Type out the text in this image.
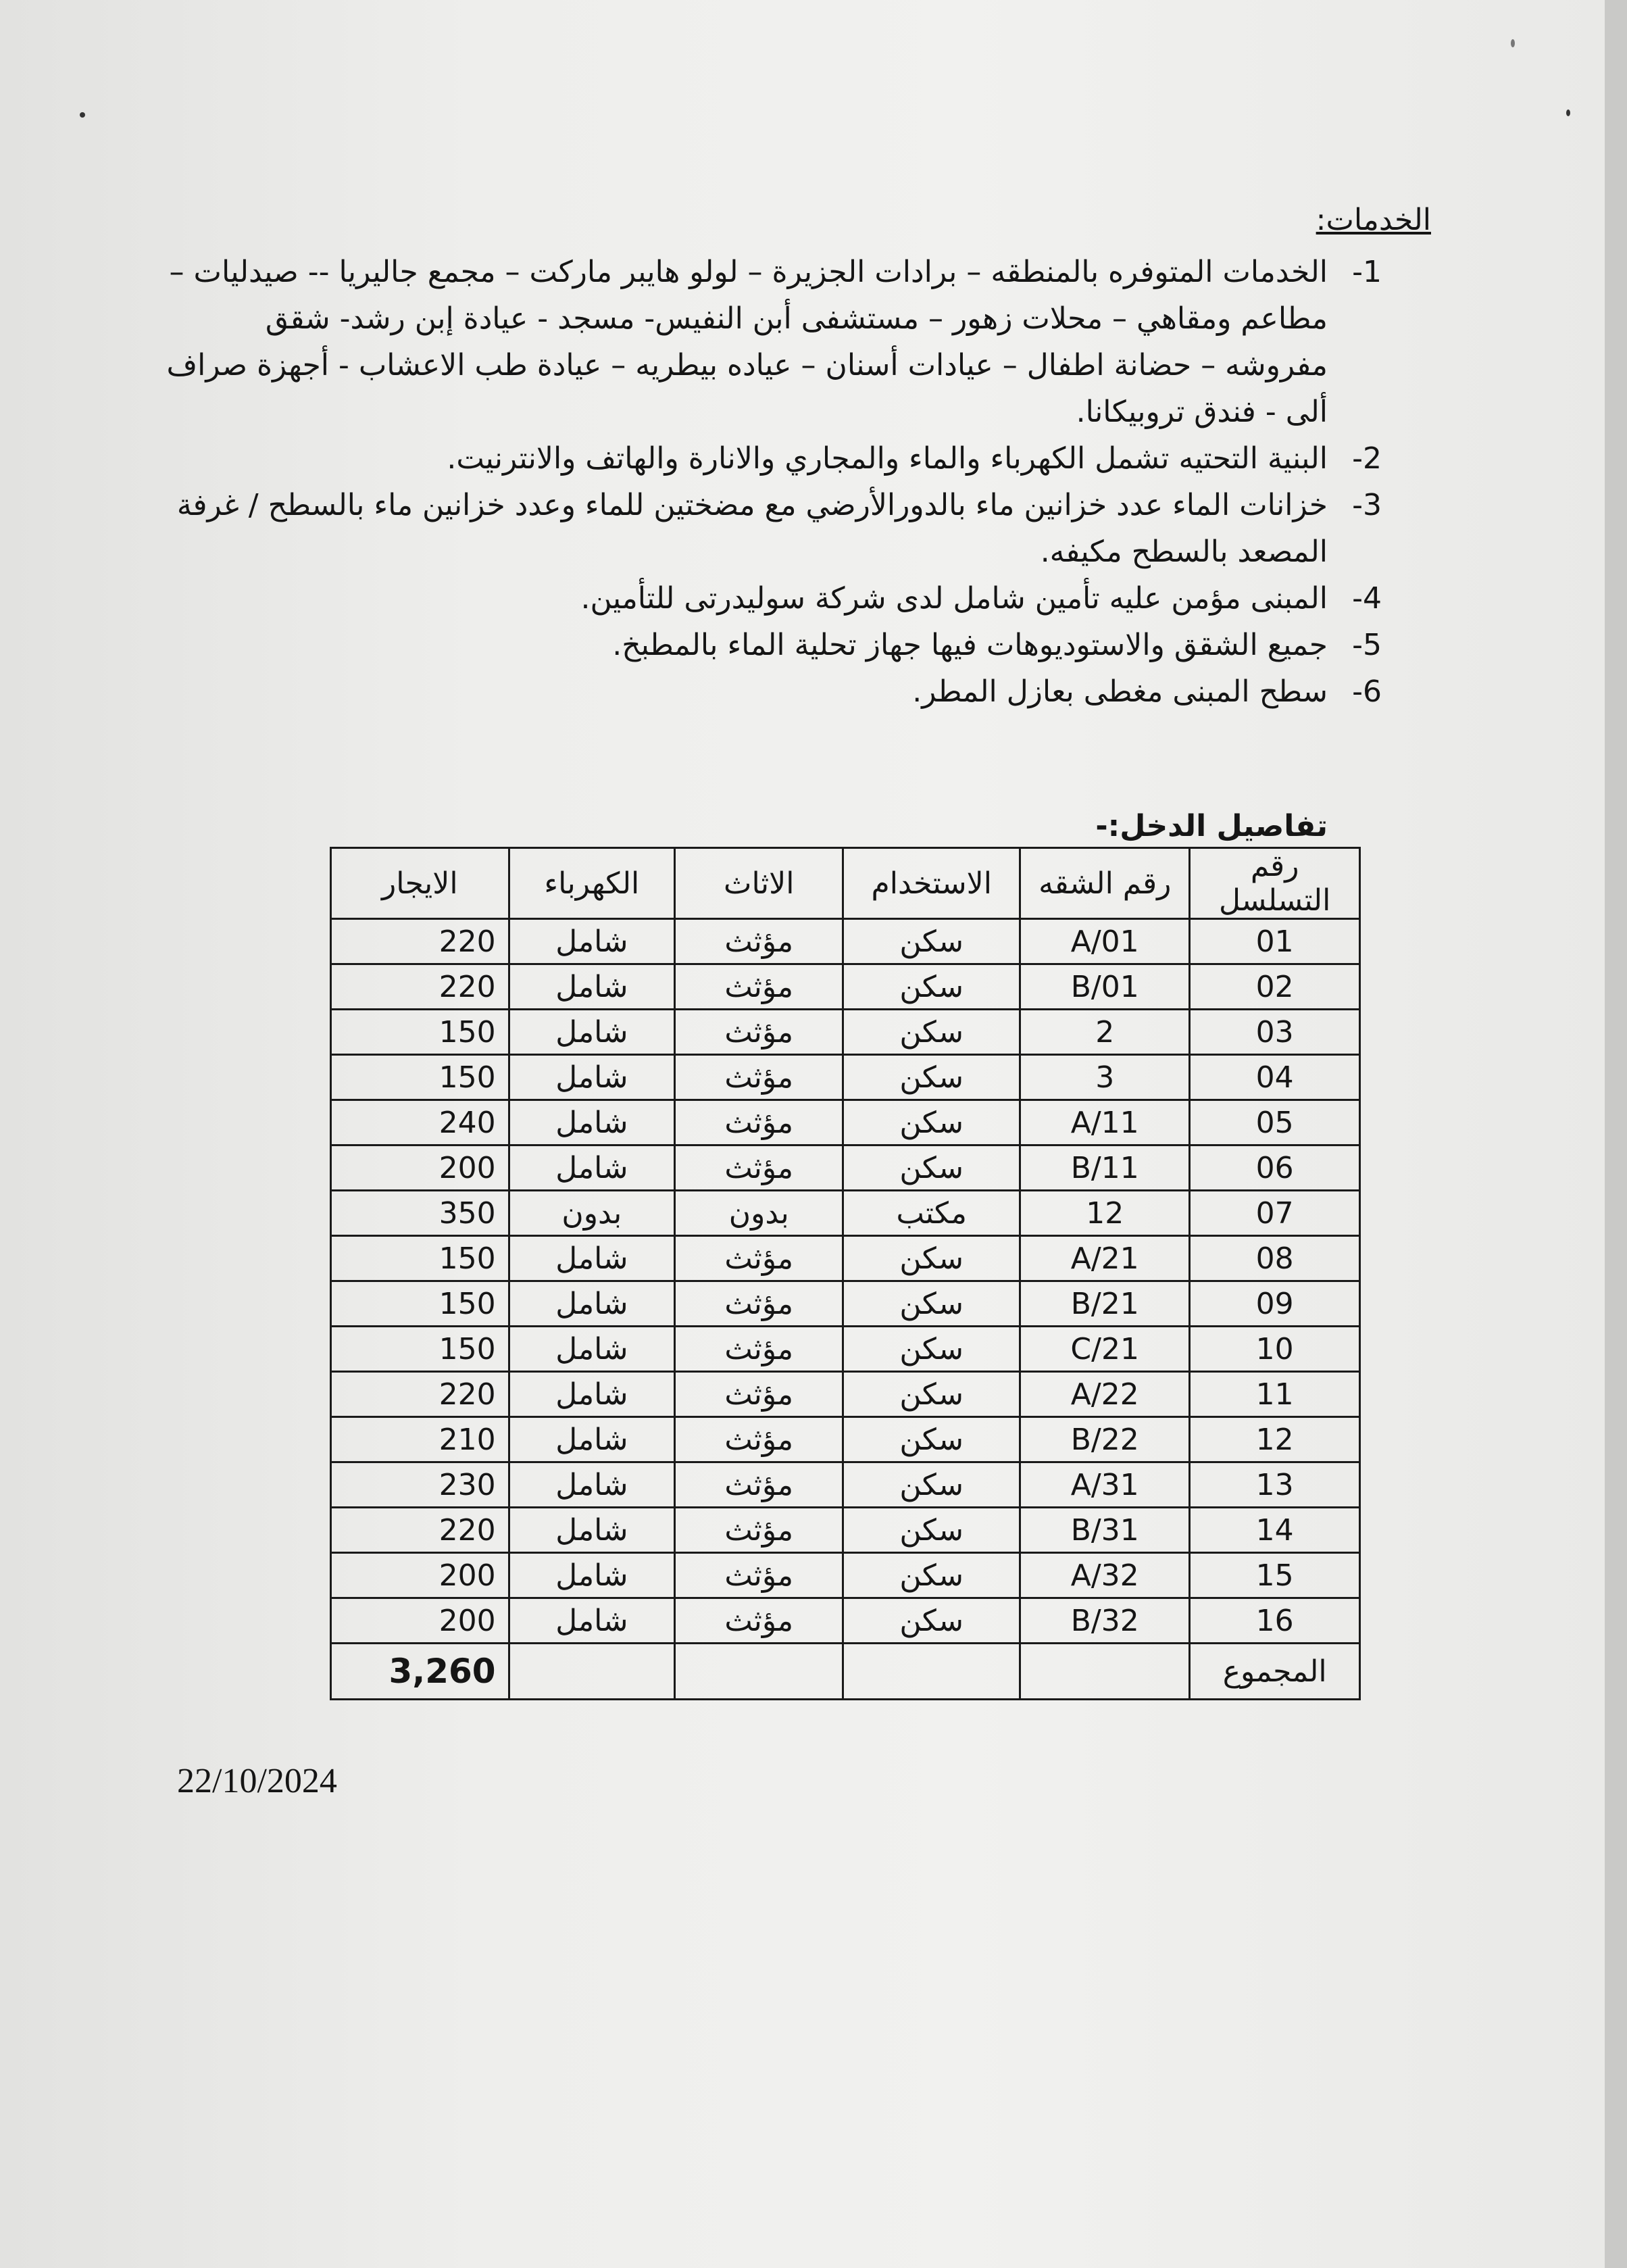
الخدمات:
1-
الخدمات المتوفره بالمنطقه – برادات الجزيرة – لولو هايبر ماركت – مجمع جاليريا -- صيدليات – مطاعم ومقاهي – محلات زهور – مستشفى أبن النفيس- مسجد - عيادة إبن رشد- شقق مفروشه – حضانة اطفال – عيادات أسنان – عياده بيطريه – عيادة طب الاعشاب - أجهزة صراف ألى - فندق تروبيكانا.
2-
البنية التحتيه تشمل الكهرباء والماء والمجاري والانارة والهاتف والانترنيت.
3-
خزانات الماء عدد خزانين ماء بالدورالأرضي مع مضختين للماء وعدد خزانين ماء بالسطح / غرفة المصعد بالسطح مكيفه.
4-
المبنى مؤمن عليه تأمين شامل لدى شركة سوليدرتى للتأمين.
5-
جميع الشقق والاستوديوهات فيها جهاز تحلية الماء بالمطبخ.
6-
سطح المبنى مغطى بعازل المطر.
تفاصيل الدخل:-
رقم التسلسل	رقم الشقه	الاستخدام	الاثاث	الكهرباء	الايجار
01	01/A	سكن	مؤثث	شامل	220
02	01/B	سكن	مؤثث	شامل	220
03	2	سكن	مؤثث	شامل	150
04	3	سكن	مؤثث	شامل	150
05	11/A	سكن	مؤثث	شامل	240
06	11/B	سكن	مؤثث	شامل	200
07	12	مكتب	بدون	بدون	350
08	21/A	سكن	مؤثث	شامل	150
09	21/B	سكن	مؤثث	شامل	150
10	21/C	سكن	مؤثث	شامل	150
11	22/A	سكن	مؤثث	شامل	220
12	22/B	سكن	مؤثث	شامل	210
13	31/A	سكن	مؤثث	شامل	230
14	31/B	سكن	مؤثث	شامل	220
15	32/A	سكن	مؤثث	شامل	200
16	32/B	سكن	مؤثث	شامل	200
المجموع					3,260
22/10/2024
